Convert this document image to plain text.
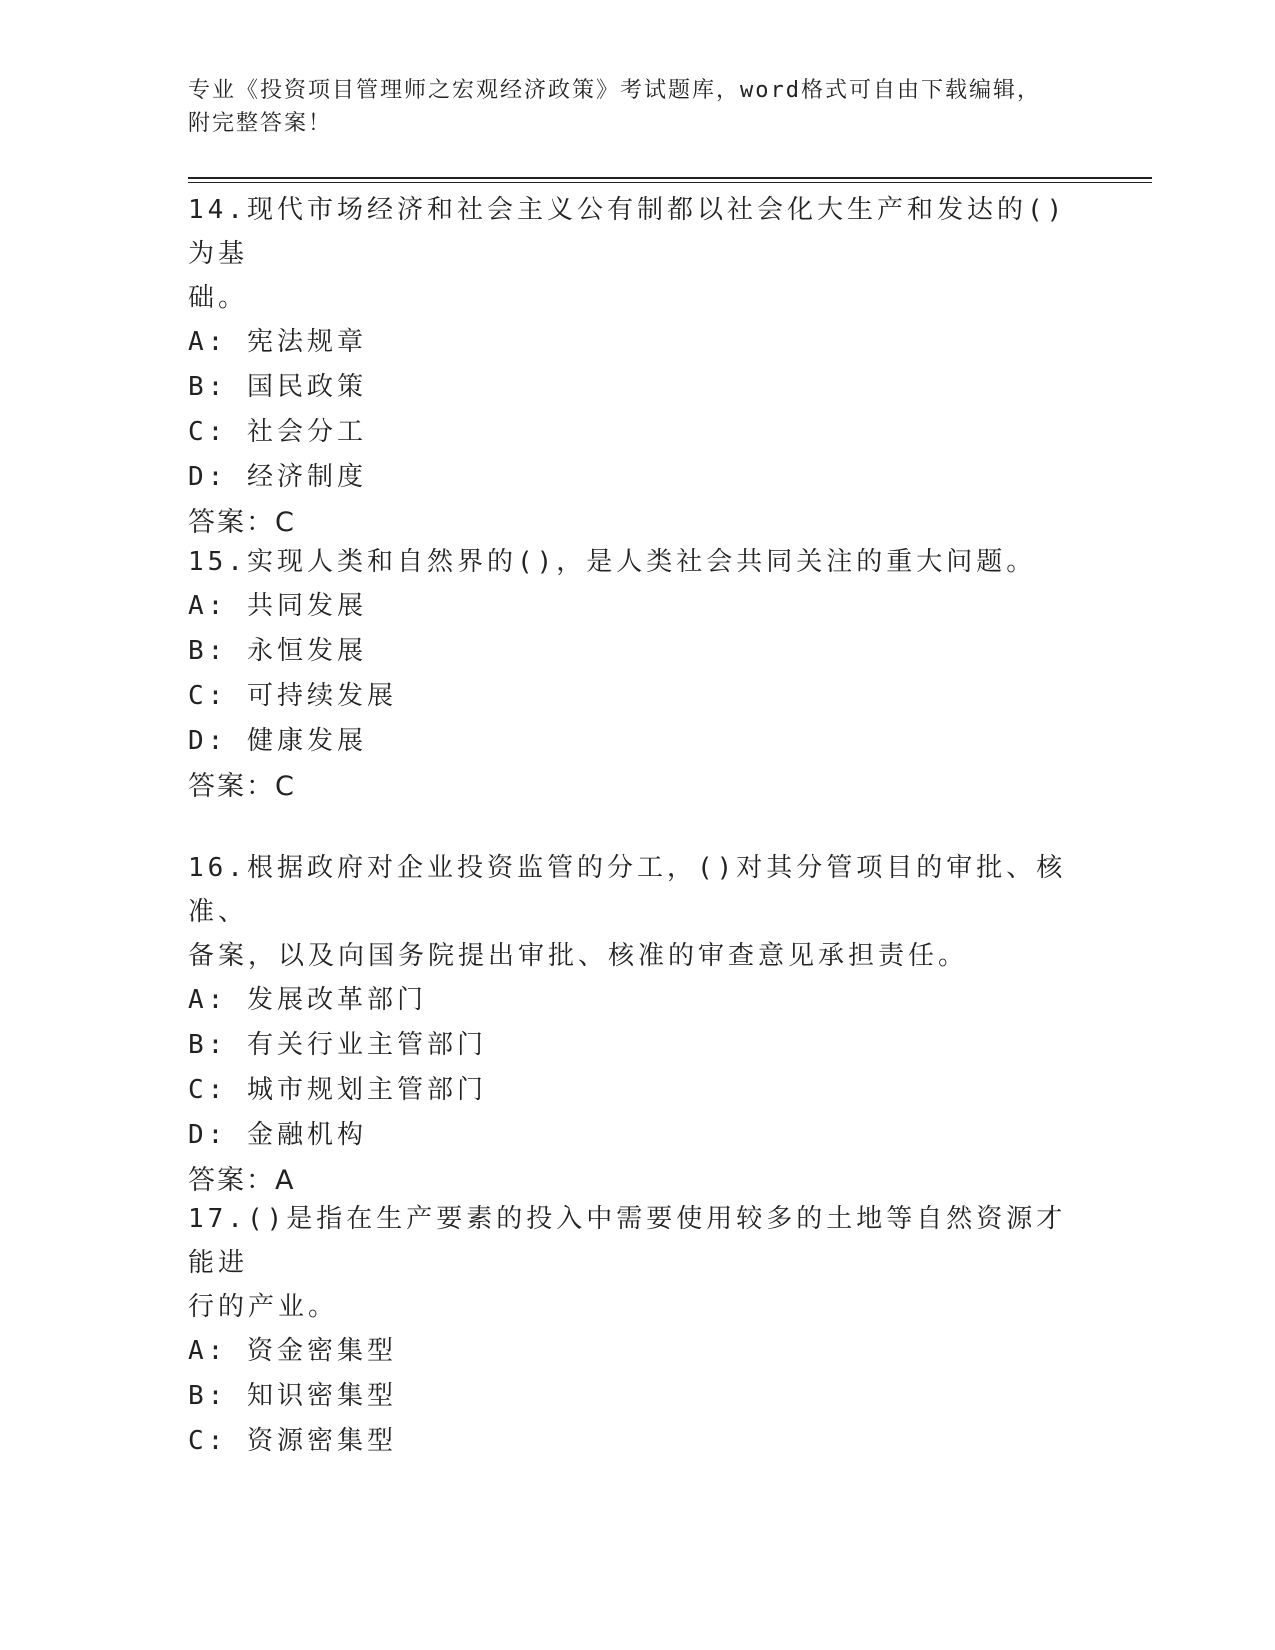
专业《投资项目管理师之宏观经济政策》考试题库，word格式可自由下载编辑，
附完整答案！
14.现代市场经济和社会主义公有制都以社会化大生产和发达的()为基
础。
A: 宪法规章
B: 国民政策
C: 社会分工
D: 经济制度
答案：C
15.实现人类和自然界的()，是人类社会共同关注的重大问题。
A: 共同发展
B: 永恒发展
C: 可持续发展
D: 健康发展
答案：C
16.根据政府对企业投资监管的分工，()对其分管项目的审批、核准、
备案，以及向国务院提出审批、核准的审查意见承担责任。
A: 发展改革部门
B: 有关行业主管部门
C: 城市规划主管部门
D: 金融机构
答案：A
17.()是指在生产要素的投入中需要使用较多的土地等自然资源才能进
行的产业。
A: 资金密集型
B: 知识密集型
C: 资源密集型
